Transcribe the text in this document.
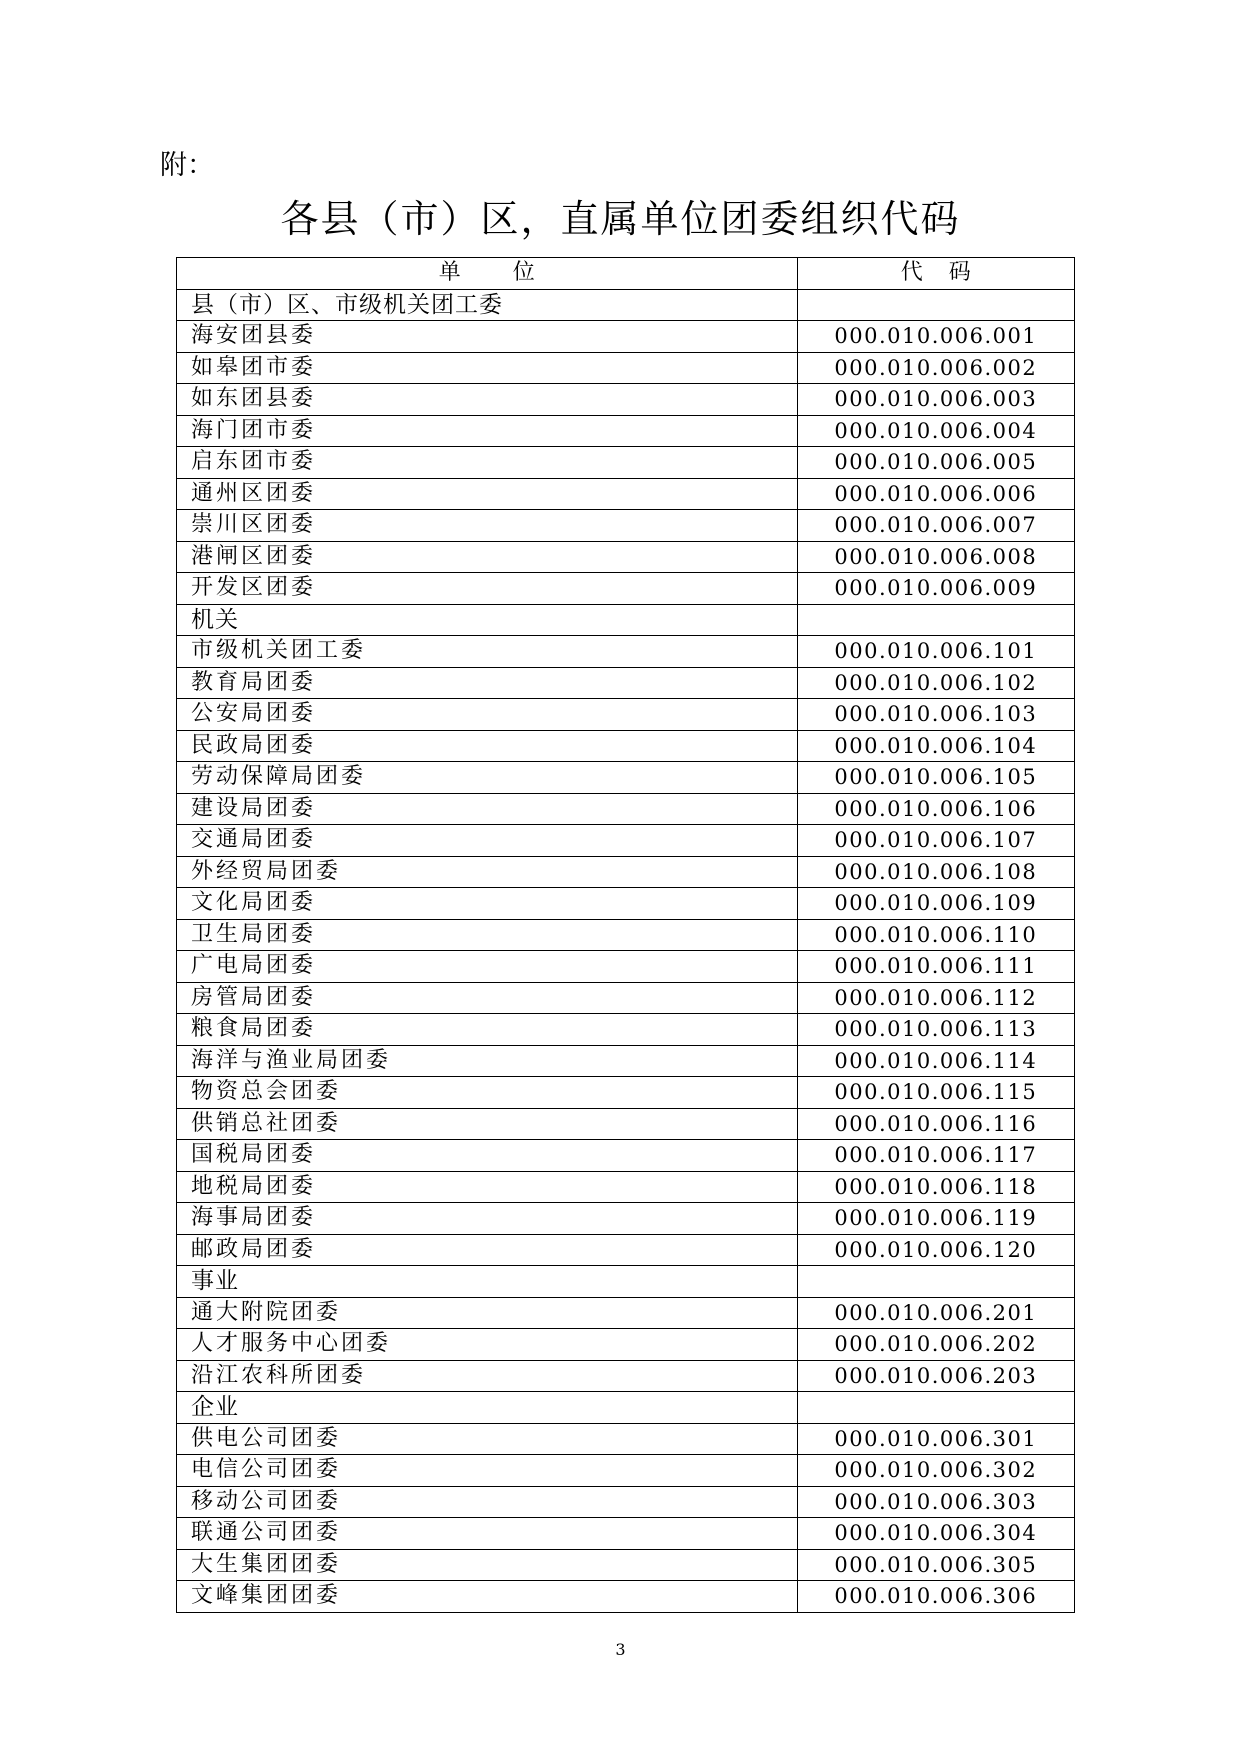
附：
各县（市）区，直属单位团委组织代码
单位	代码
县（市）区、市级机关团工委	
海安团县委	000.010.006.001
如皋团市委	000.010.006.002
如东团县委	000.010.006.003
海门团市委	000.010.006.004
启东团市委	000.010.006.005
通州区团委	000.010.006.006
崇川区团委	000.010.006.007
港闸区团委	000.010.006.008
开发区团委	000.010.006.009
机关	
市级机关团工委	000.010.006.101
教育局团委	000.010.006.102
公安局团委	000.010.006.103
民政局团委	000.010.006.104
劳动保障局团委	000.010.006.105
建设局团委	000.010.006.106
交通局团委	000.010.006.107
外经贸局团委	000.010.006.108
文化局团委	000.010.006.109
卫生局团委	000.010.006.110
广电局团委	000.010.006.111
房管局团委	000.010.006.112
粮食局团委	000.010.006.113
海洋与渔业局团委	000.010.006.114
物资总会团委	000.010.006.115
供销总社团委	000.010.006.116
国税局团委	000.010.006.117
地税局团委	000.010.006.118
海事局团委	000.010.006.119
邮政局团委	000.010.006.120
事业	
通大附院团委	000.010.006.201
人才服务中心团委	000.010.006.202
沿江农科所团委	000.010.006.203
企业	
供电公司团委	000.010.006.301
电信公司团委	000.010.006.302
移动公司团委	000.010.006.303
联通公司团委	000.010.006.304
大生集团团委	000.010.006.305
文峰集团团委	000.010.006.306
3
